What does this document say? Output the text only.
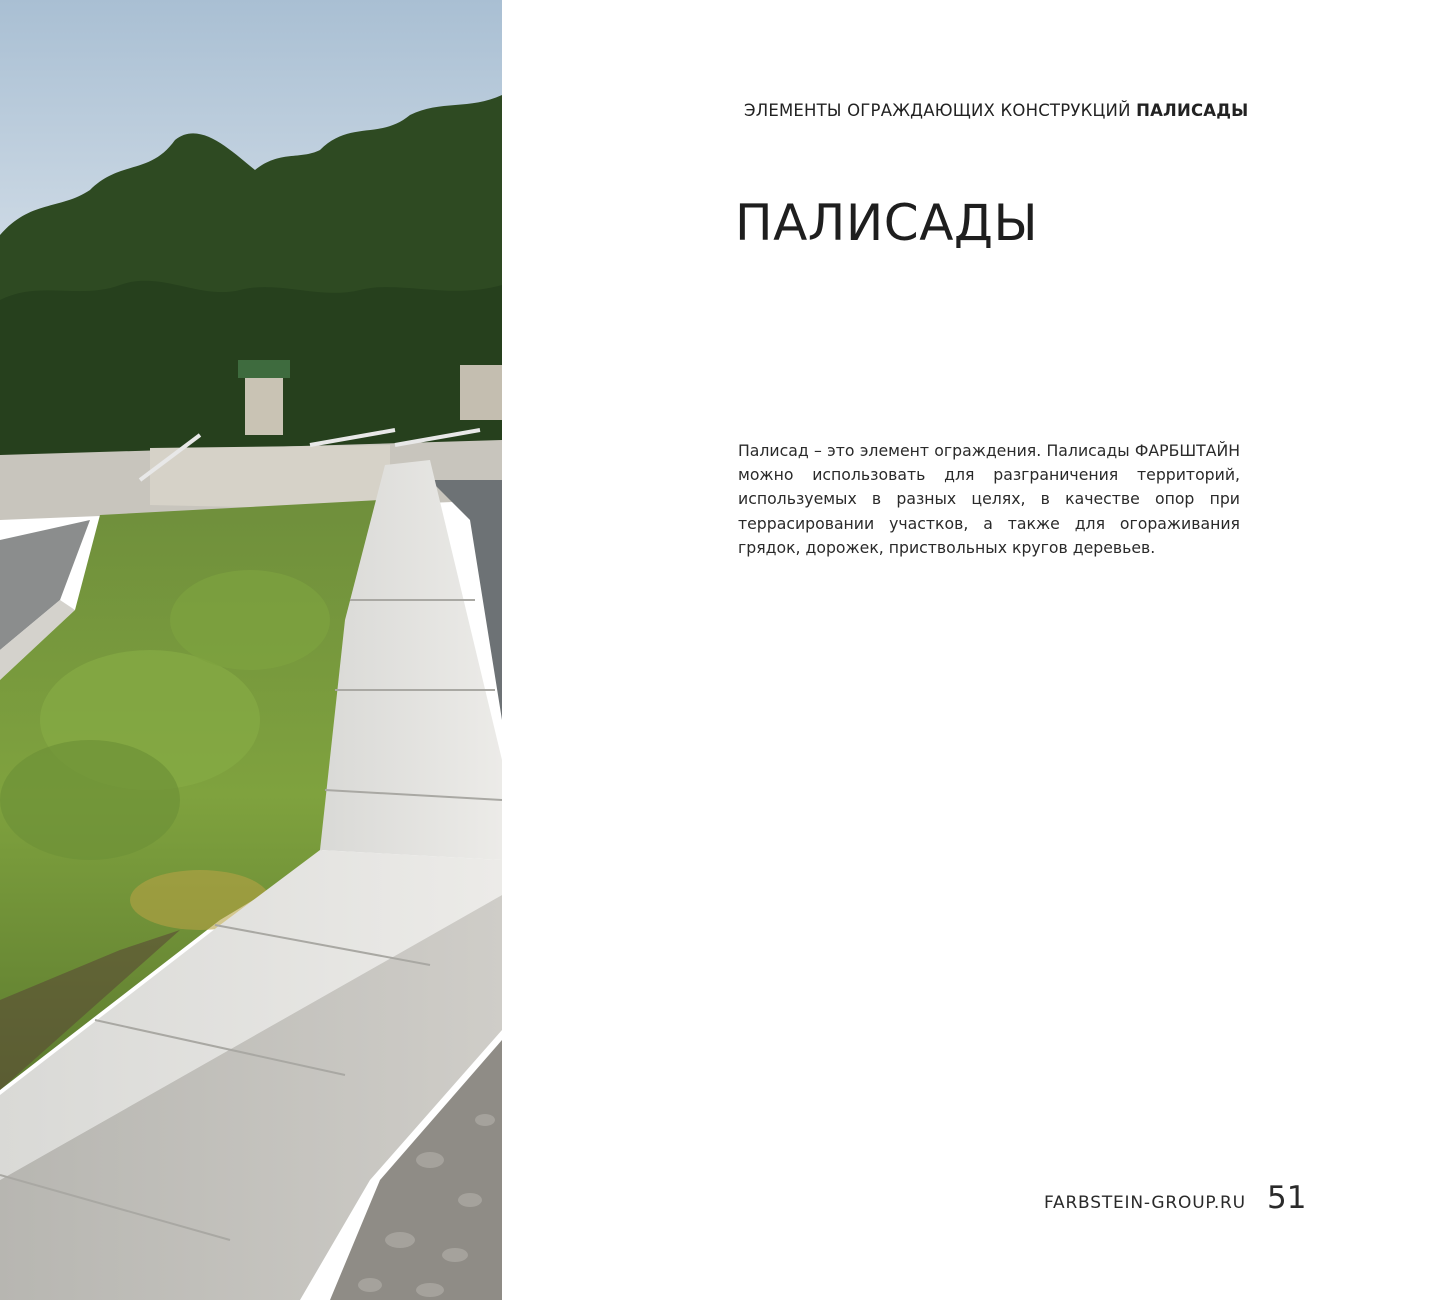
ЭЛЕМЕНТЫ ОГРАЖДАЮЩИХ КОНСТРУКЦИЙ ПАЛИСАДЫ
ПАЛИСАДЫ

Палисад – это элемент ограждения. Палисады ФАРБШТАЙН можно использовать для разграничения территорий, используемых в разных целях, в качестве опор при террасировании участков, а также для огораживания грядок, дорожек, приствольных кругов деревьев.

FARBSTEIN-GROUP.RU 51
